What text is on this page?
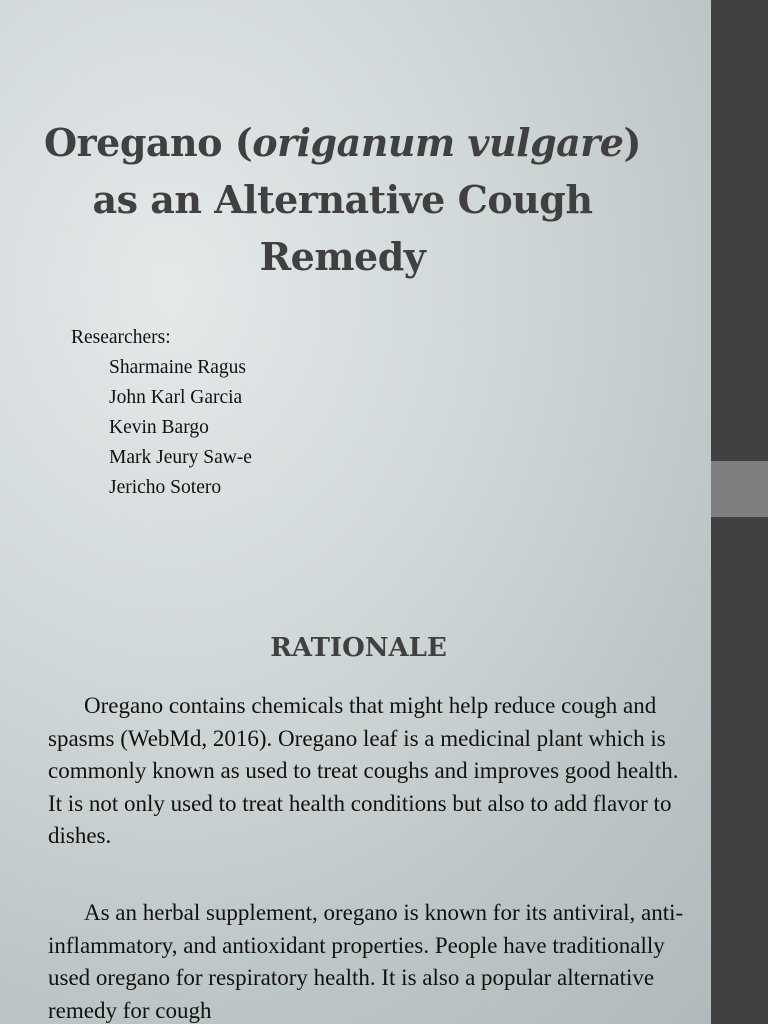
Oregano (origanum vulgare)
as an Alternative Cough
Remedy
Researchers:
Sharmaine Ragus
John Karl Garcia
Kevin Bargo
Mark Jeury Saw-e
Jericho Sotero
RATIONALE

Oregano contains chemicals that might help reduce cough and spasms (WebMd, 2016). Oregano leaf is a medicinal plant which is commonly known as used to treat coughs and improves good health. It is not only used to treat health conditions but also to add flavor to dishes.

As an herbal supplement, oregano is known for its antiviral, anti- inflammatory, and antioxidant properties. People have traditionally used oregano for respiratory health. It is also a popular alternative remedy for cough
